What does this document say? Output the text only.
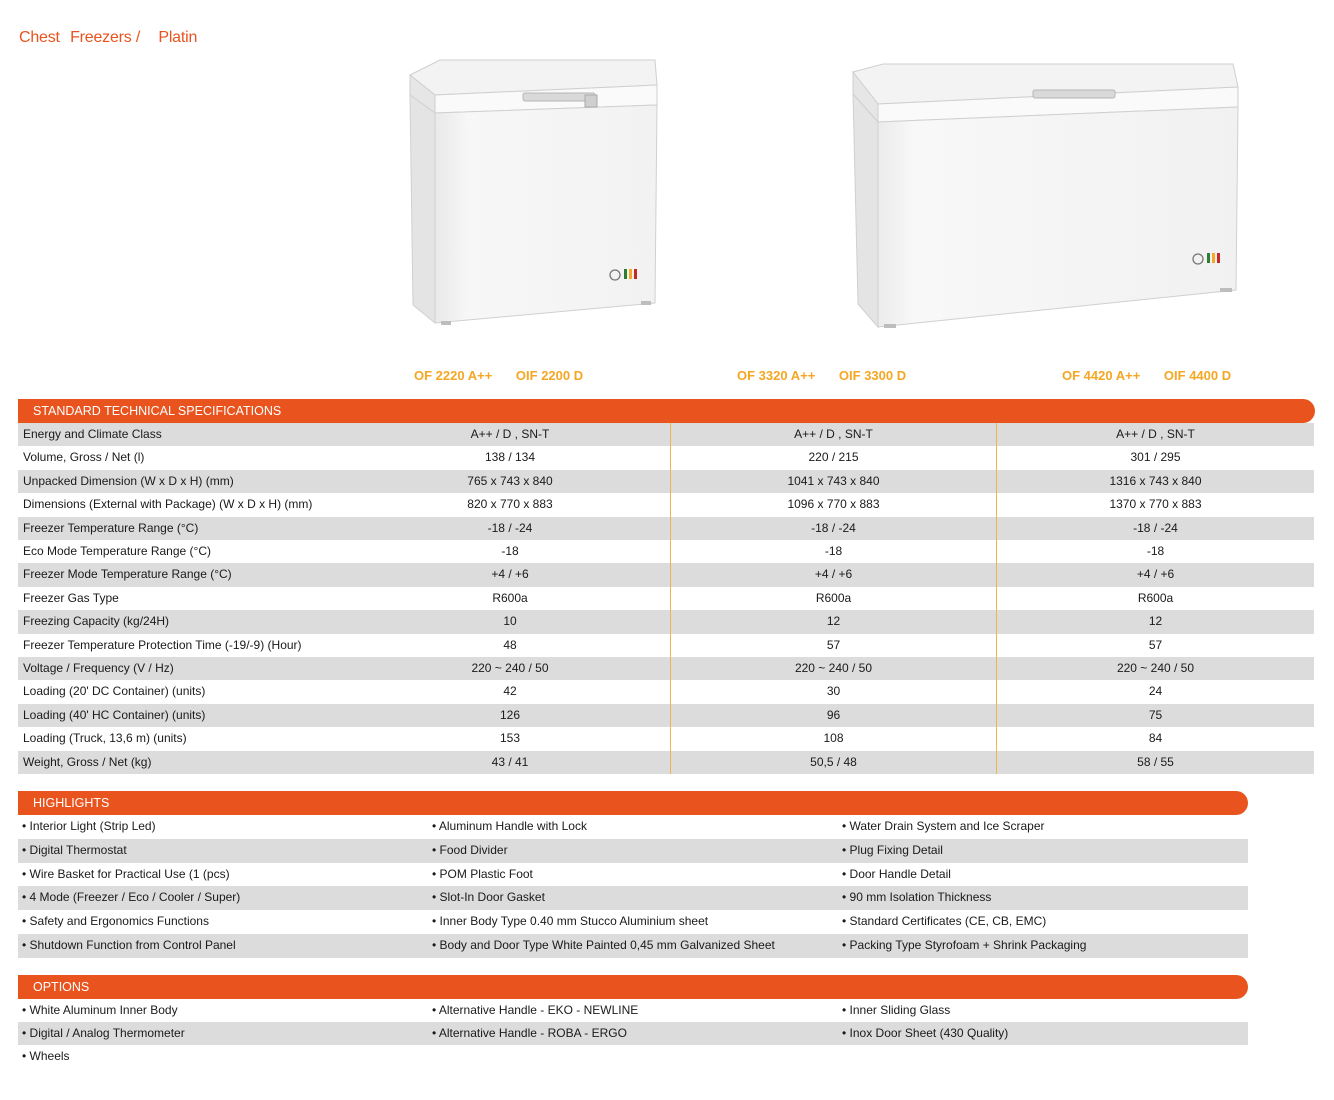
Chest Freezers / Platin
OF 2220 A++ OIF 2200 D	OF 3320 A++ OIF 3300 D	OF 4420 A++ OIF 4400 D
STANDARD TECHNICAL SPECIFICATIONS
Energy and Climate Class	A++ / D , SN-T	A++ / D , SN-T	A++ / D , SN-T
Volume, Gross / Net (l)	138 / 134	220 / 215	301 / 295
Unpacked Dimension (W x D x H) (mm)	765 x 743 x 840	1041 x 743 x 840	1316 x 743 x 840
Dimensions (External with Package) (W x D x H) (mm)	820 x 770 x 883	1096 x 770 x 883	1370 x 770 x 883
Freezer Temperature Range (°C)	-18 / -24	-18 / -24	-18 / -24
Eco Mode Temperature Range (°C)	-18	-18	-18
Freezer Mode Temperature Range (°C)	+4 / +6	+4 / +6	+4 / +6
Freezer Gas Type	R600a	R600a	R600a
Freezing Capacity (kg/24H)	10	12	12
Freezer Temperature Protection Time (-19/-9) (Hour)	48	57	57
Voltage / Frequency (V / Hz)	220 ~ 240 / 50	220 ~ 240 / 50	220 ~ 240 / 50
Loading (20' DC Container) (units)	42	30	24
Loading (40' HC Container) (units)	126	96	75
Loading (Truck, 13,6 m) (units)	153	108	84
Weight, Gross / Net (kg)	43 / 41	50,5 / 48	58 / 55
HIGHLIGHTS
• Interior Light (Strip Led)	• Aluminum Handle with Lock	• Water Drain System and Ice Scraper
• Digital Thermostat	• Food Divider	• Plug Fixing Detail
• Wire Basket for Practical Use (1 (pcs)	• POM Plastic Foot	• Door Handle Detail
• 4 Mode (Freezer / Eco / Cooler / Super)	• Slot-In Door Gasket	• 90 mm Isolation Thickness
• Safety and Ergonomics Functions	• Inner Body Type 0.40 mm Stucco Aluminium sheet	• Standard Certificates (CE, CB, EMC)
• Shutdown Function from Control Panel	• Body and Door Type White Painted 0,45 mm Galvanized Sheet	• Packing Type Styrofoam + Shrink Packaging
OPTIONS
• White Aluminum Inner Body	• Alternative Handle - EKO - NEWLINE	• Inner Sliding Glass
• Digital / Analog Thermometer	• Alternative Handle - ROBA - ERGO	• Inox Door Sheet (430 Quality)
• Wheels		
